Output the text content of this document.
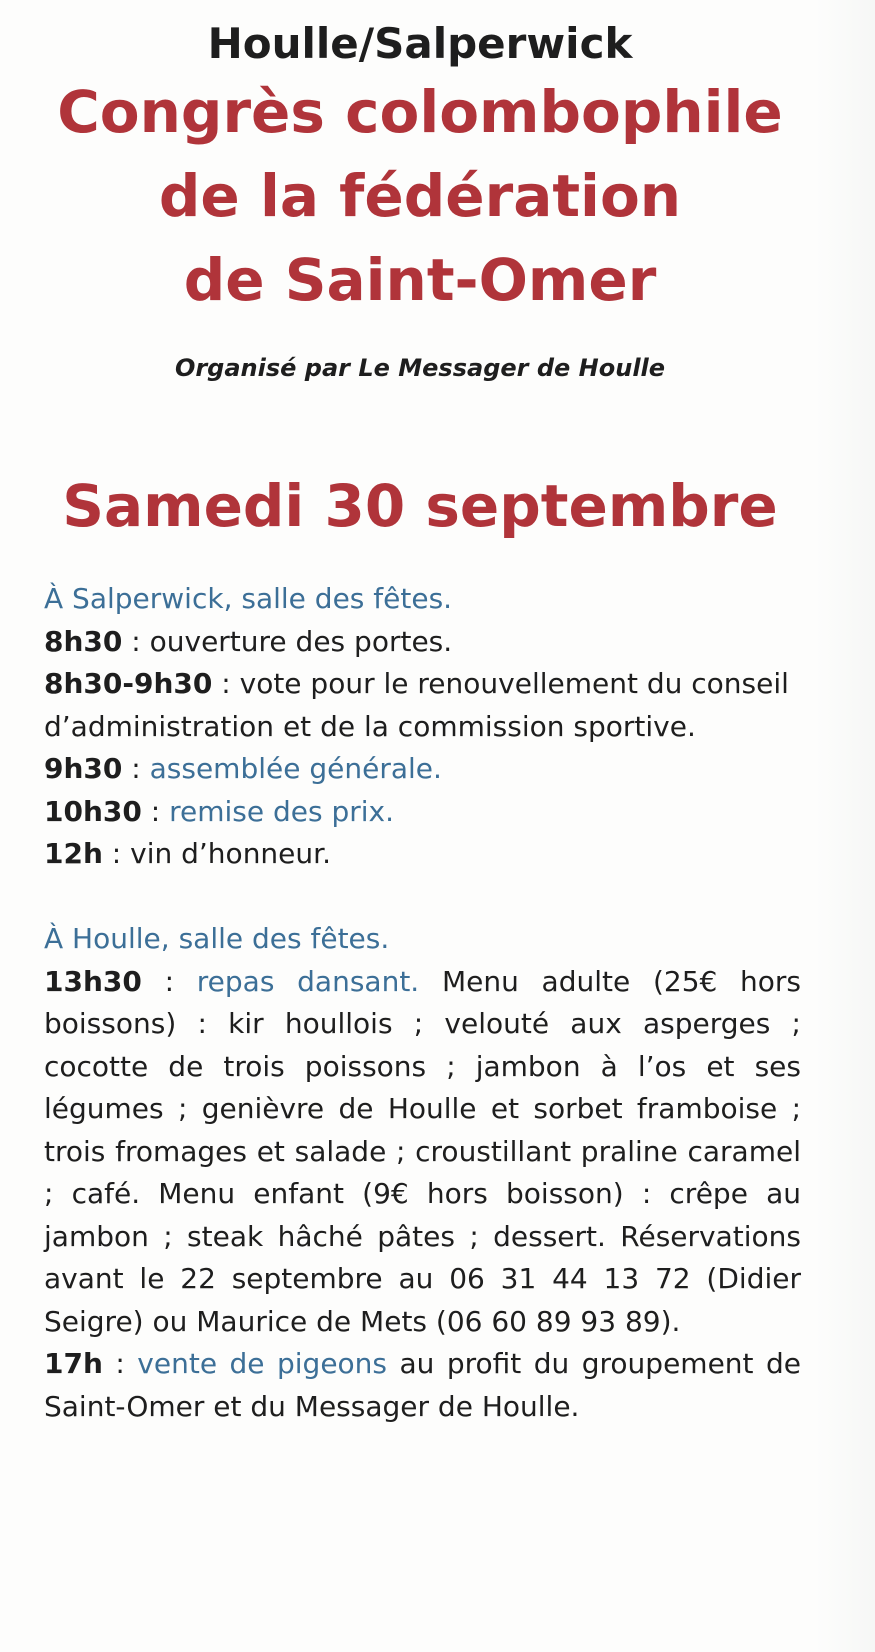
Houlle/Salperwick

Congrès colombophile

de la fédération

de Saint-Omer

Organisé par Le Messager de Houlle

Samedi 30 septembre
À Salperwick, salle des fêtes.
8h30 : ouverture des portes.
8h30-9h30 : vote pour le renouvellement du conseil d’administration et de la commission sportive.
9h30 : assemblée générale.
10h30 : remise des prix.
12h : vin d’honneur.
À Houlle, salle des fêtes.
13h30 : repas dansant. Menu adulte (25€ hors boissons) : kir houllois ; velouté aux asperges ; cocotte de trois poissons ; jambon à l’os et ses légumes ; genièvre de Houlle et sorbet framboise ; trois fromages et salade ; croustillant praline caramel ; café. Menu enfant (9€ hors boisson) : crêpe au jambon ; steak hâché pâtes ; dessert. Réservations avant le 22 septembre au 06 31 44 13 72 (Didier Seigre) ou Maurice de Mets (06 60 89 93 89).
17h : vente de pigeons au profit du groupement de Saint-Omer et du Messager de Houlle.
